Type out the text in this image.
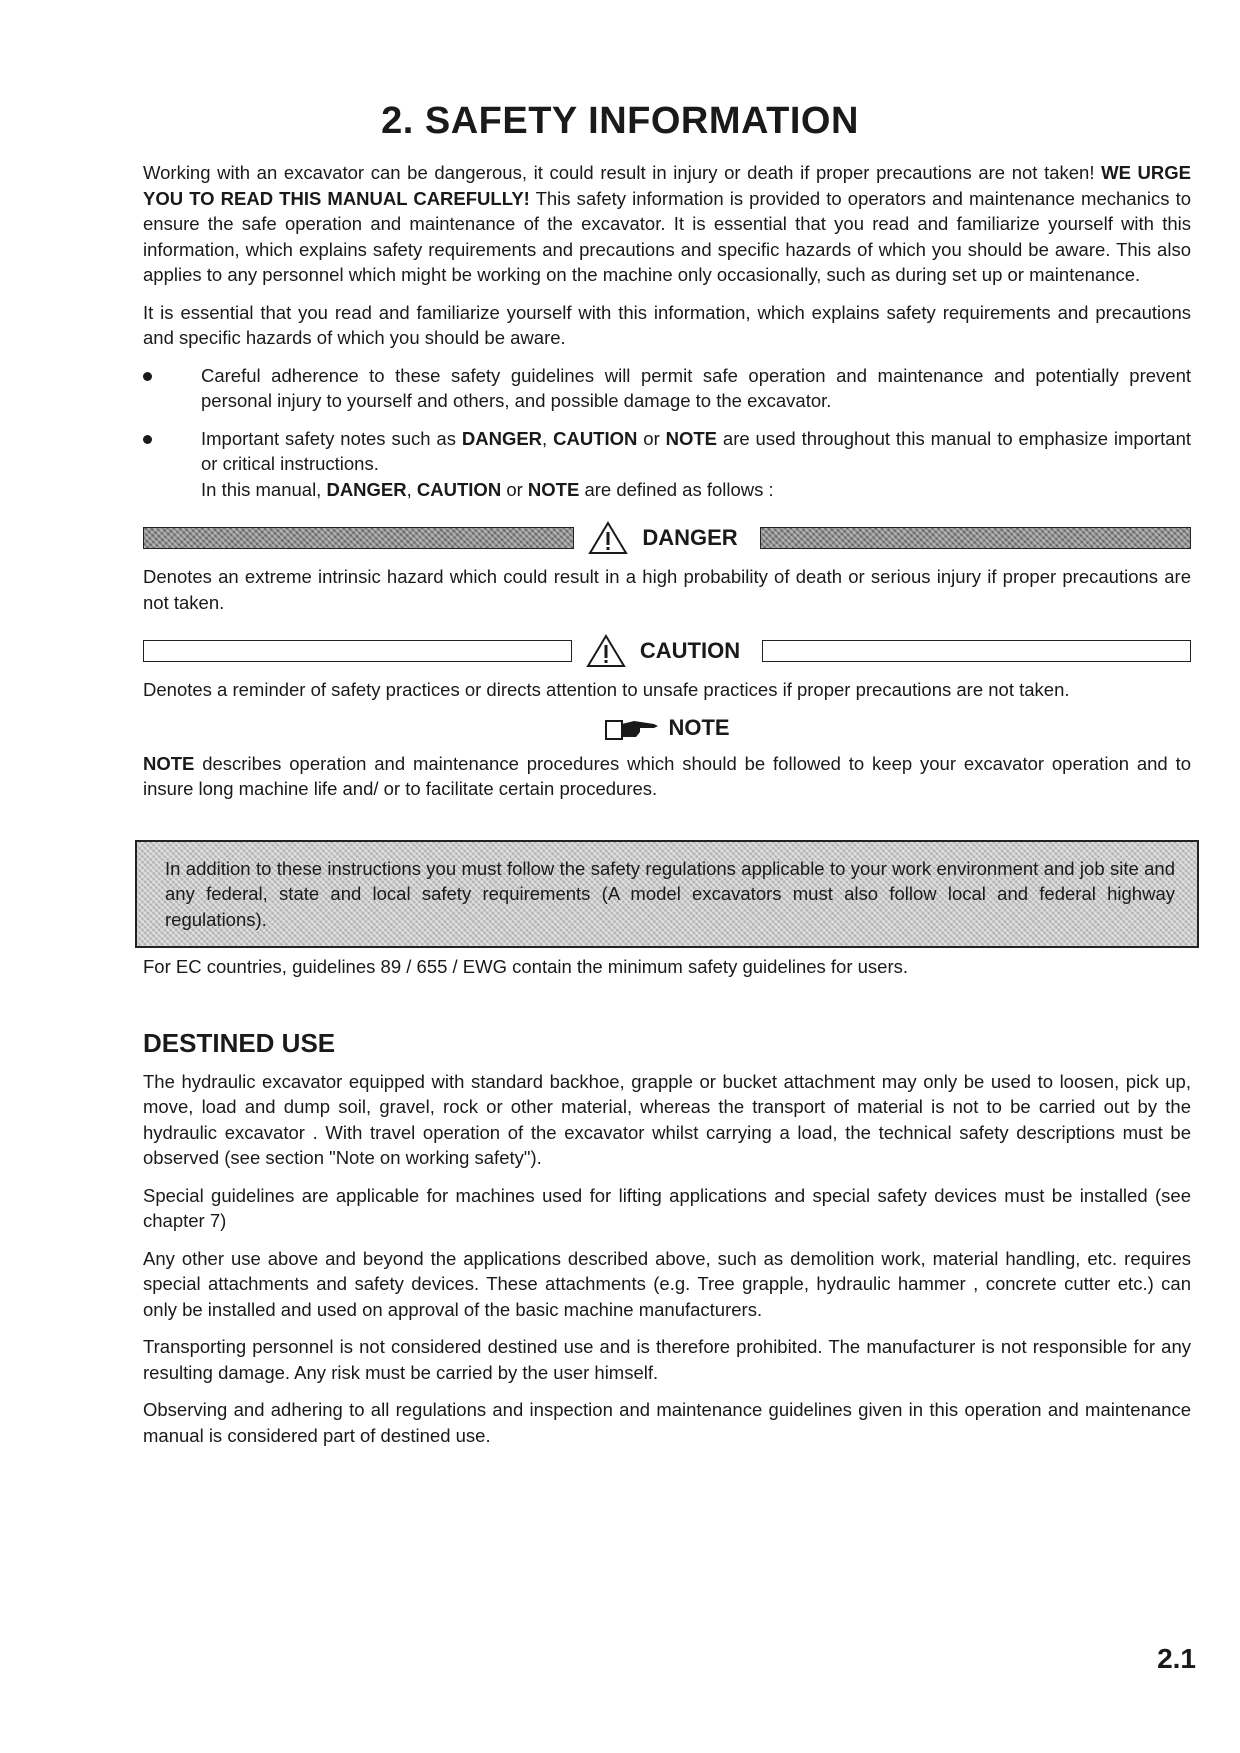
2. SAFETY INFORMATION

Working with an excavator can be dangerous, it could result in injury or death if proper precautions are not taken! WE URGE YOU TO READ THIS MANUAL CAREFULLY! This safety information is provided to operators and maintenance mechanics to ensure the safe operation and maintenance of the excavator. It is essential that you read and familiarize yourself with this information, which explains safety requirements and precautions and specific hazards of which you should be aware. This also applies to any personnel which might be working on the machine only occasionally, such as during set up or maintenance.

It is essential that you read and familiarize yourself with this information, which explains safety requirements and precautions and specific hazards of which you should be aware.

Careful adherence to these safety guidelines will permit safe operation and maintenance and potentially prevent personal injury to yourself and others, and possible damage to the excavator.
Important safety notes such as DANGER, CAUTION or NOTE are used throughout this manual to emphasize important or critical instructions.
In this manual, DANGER, CAUTION or NOTE are defined as follows :
DANGER

Denotes an extreme intrinsic hazard which could result in a high probability of death or serious injury if proper precautions are not taken.

CAUTION

Denotes a reminder of safety practices or directs attention to unsafe practices if proper precautions are not taken.

NOTE

NOTE describes operation and maintenance procedures which should be followed to keep your excavator operation and to insure long machine life and/ or to facilitate certain procedures.

In addition to these instructions you must follow the safety regulations applicable to your work environment and job site and any federal, state and local safety requirements (A model excavators must also follow local and federal highway regulations).

For EC countries, guidelines 89 / 655 / EWG contain the minimum safety guidelines for users.

DESTINED USE

The hydraulic excavator equipped with standard backhoe, grapple or bucket attachment may only be used to loosen, pick up, move, load and dump soil, gravel, rock or other material, whereas the transport of material is not to be carried out by the hydraulic excavator . With travel operation of the excavator whilst carrying a load, the technical safety descriptions must be observed (see section "Note on working safety").

Special guidelines are applicable for machines used for lifting applications and special safety devices must be installed (see chapter 7)

Any other use above and beyond the applications described above, such as demolition work, material handling, etc. requires special attachments and safety devices. These attachments (e.g. Tree grapple, hydraulic hammer , concrete cutter etc.) can only be installed and used on approval of the basic machine manufacturers.

Transporting personnel is not considered destined use and is therefore prohibited. The manufacturer is not responsible for any resulting damage. Any risk must be carried by the user himself.

Observing and adhering to all regulations and inspection and maintenance guidelines given in this operation and maintenance manual is considered part of destined use.

2.1
